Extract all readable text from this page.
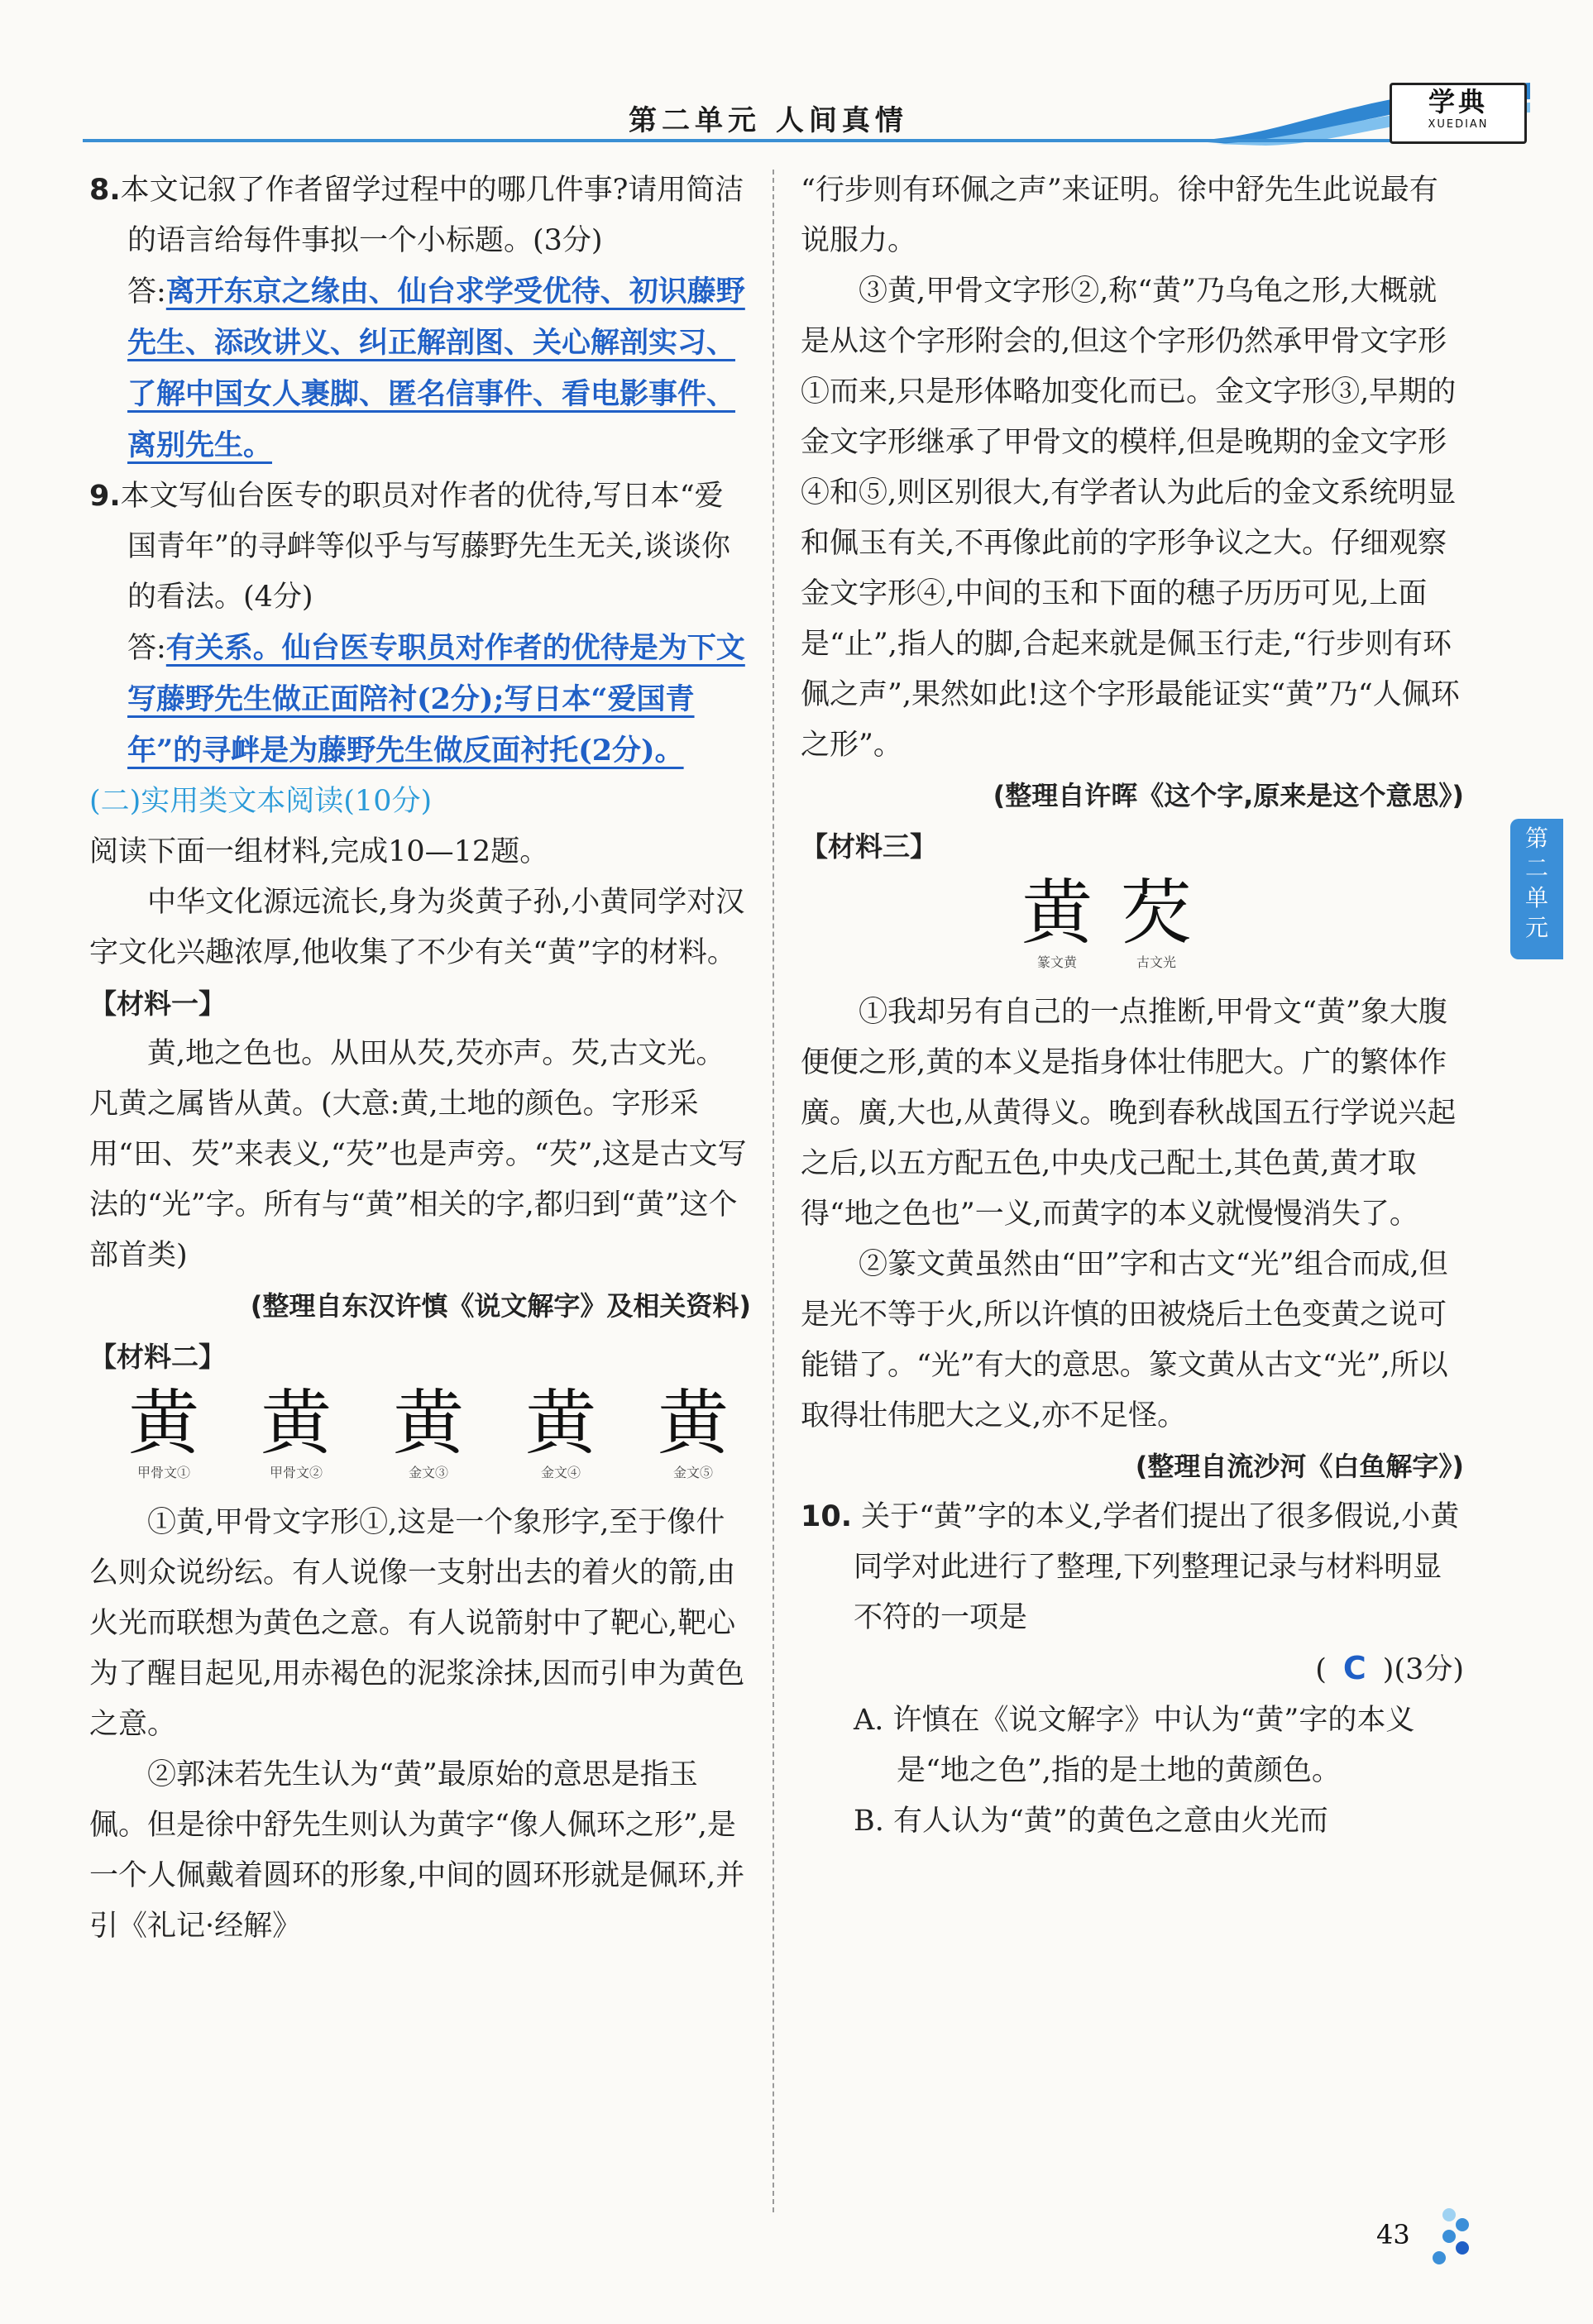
第二单元 人间真情
学典
XUEDIAN

8.本文记叙了作者留学过程中的哪几件事?请用简洁的语言给每件事拟一个小标题。(3分)

答:离开东京之缘由、仙台求学受优待、初识藤野先生、添改讲义、纠正解剖图、关心解剖实习、了解中国女人裹脚、匿名信事件、看电影事件、离别先生。

9.本文写仙台医专的职员对作者的优待,写日本“爱国青年”的寻衅等似乎与写藤野先生无关,谈谈你的看法。(4分)

答:有关系。仙台医专职员对作者的优待是为下文写藤野先生做正面陪衬(2分);写日本“爱国青年”的寻衅是为藤野先生做反面衬托(2分)。

(二)实用类文本阅读(10分)

阅读下面一组材料,完成10—12题。

中华文化源远流长,身为炎黄子孙,小黄同学对汉字文化兴趣浓厚,他收集了不少有关“黄”字的材料。

【材料一】

黄,地之色也。从田从芡,芡亦声。芡,古文光。凡黄之属皆从黄。(大意:黄,土地的颜色。字形采用“田、芡”来表义,“芡”也是声旁。“芡”,这是古文写法的“光”字。所有与“黄”相关的字,都归到“黄”这个部首类)

(整理自东汉许慎《说文解字》及相关资料)

【材料二】

黄
甲骨文①
黄
甲骨文②
黄
金文③
黄
金文④
黄
金文⑤

①黄,甲骨文字形①,这是一个象形字,至于像什么则众说纷纭。有人说像一支射出去的着火的箭,由火光而联想为黄色之意。有人说箭射中了靶心,靶心为了醒目起见,用赤褐色的泥浆涂抹,因而引申为黄色之意。

②郭沫若先生认为“黄”最原始的意思是指玉佩。但是徐中舒先生则认为黄字“像人佩环之形”,是一个人佩戴着圆环的形象,中间的圆环形就是佩环,并引《礼记·经解》

“行步则有环佩之声”来证明。徐中舒先生此说最有说服力。

③黄,甲骨文字形②,称“黄”乃乌龟之形,大概就是从这个字形附会的,但这个字形仍然承甲骨文字形①而来,只是形体略加变化而已。金文字形③,早期的金文字形继承了甲骨文的模样,但是晚期的金文字形④和⑤,则区别很大,有学者认为此后的金文系统明显和佩玉有关,不再像此前的字形争议之大。仔细观察金文字形④,中间的玉和下面的穗子历历可见,上面是“止”,指人的脚,合起来就是佩玉行走,“行步则有环佩之声”,果然如此!这个字形最能证实“黄”乃“人佩环之形”。

(整理自许晖《这个字,原来是这个意思》)

【材料三】

黄
篆文黄
芡
古文光

①我却另有自己的一点推断,甲骨文“黄”象大腹便便之形,黄的本义是指身体壮伟肥大。广的繁体作廣。廣,大也,从黄得义。晚到春秋战国五行学说兴起之后,以五方配五色,中央戊己配土,其色黄,黄才取得“地之色也”一义,而黄字的本义就慢慢消失了。

②篆文黄虽然由“田”字和古文“光”组合而成,但是光不等于火,所以许慎的田被烧后土色变黄之说可能错了。“光”有大的意思。篆文黄从古文“光”,所以取得壮伟肥大之义,亦不足怪。

(整理自流沙河《白鱼解字》)

10. 关于“黄”字的本义,学者们提出了很多假说,小黄同学对此进行了整理,下列整理记录与材料明显不符的一项是

( C )(3分)

A. 许慎在《说文解字》中认为“黄”字的本义是“地之色”,指的是土地的黄颜色。

B. 有人认为“黄”的黄色之意由火光而

第二单元
43
